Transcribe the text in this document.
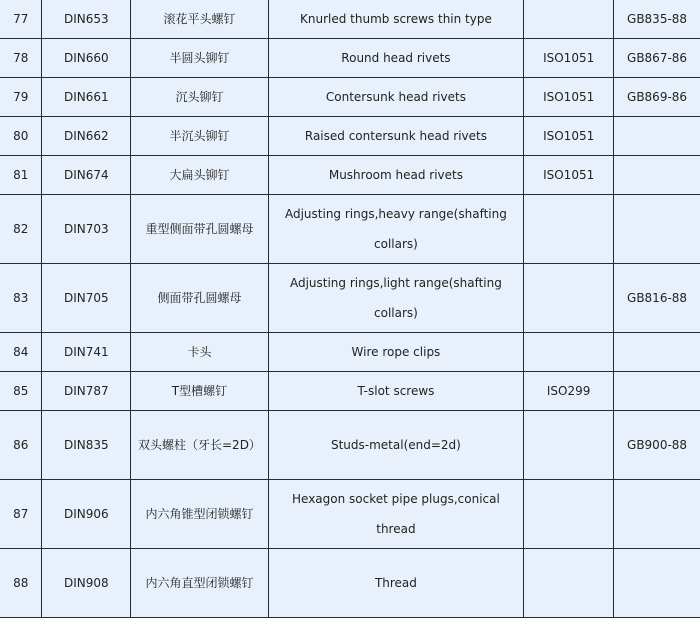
77	DIN653	滚花平头螺钉	Knurled thumb screws thin type		GB835-88
78	DIN660	半圆头铆钉	Round head rivets	ISO1051	GB867-86
79	DIN661	沉头铆钉	Contersunk head rivets	ISO1051	GB869-86
80	DIN662	半沉头铆钉	Raised contersunk head rivets	ISO1051	
81	DIN674	大扁头铆钉	Mushroom head rivets	ISO1051	
82	DIN703	重型侧面带孔圆螺母	Adjusting rings,heavy range(shafting collars)		
83	DIN705	侧面带孔圆螺母	Adjusting rings,light range(shafting collars)		GB816-88
84	DIN741	卡头	Wire rope clips		
85	DIN787	T型槽螺钉	T-slot screws	ISO299	
86	DIN835	双头螺柱（牙长=2D）	Studs-metal(end=2d)		GB900-88
87	DIN906	内六角锥型闭锁螺钉	Hexagon socket pipe plugs,conical thread		
88	DIN908	内六角直型闭锁螺钉	Thread		
